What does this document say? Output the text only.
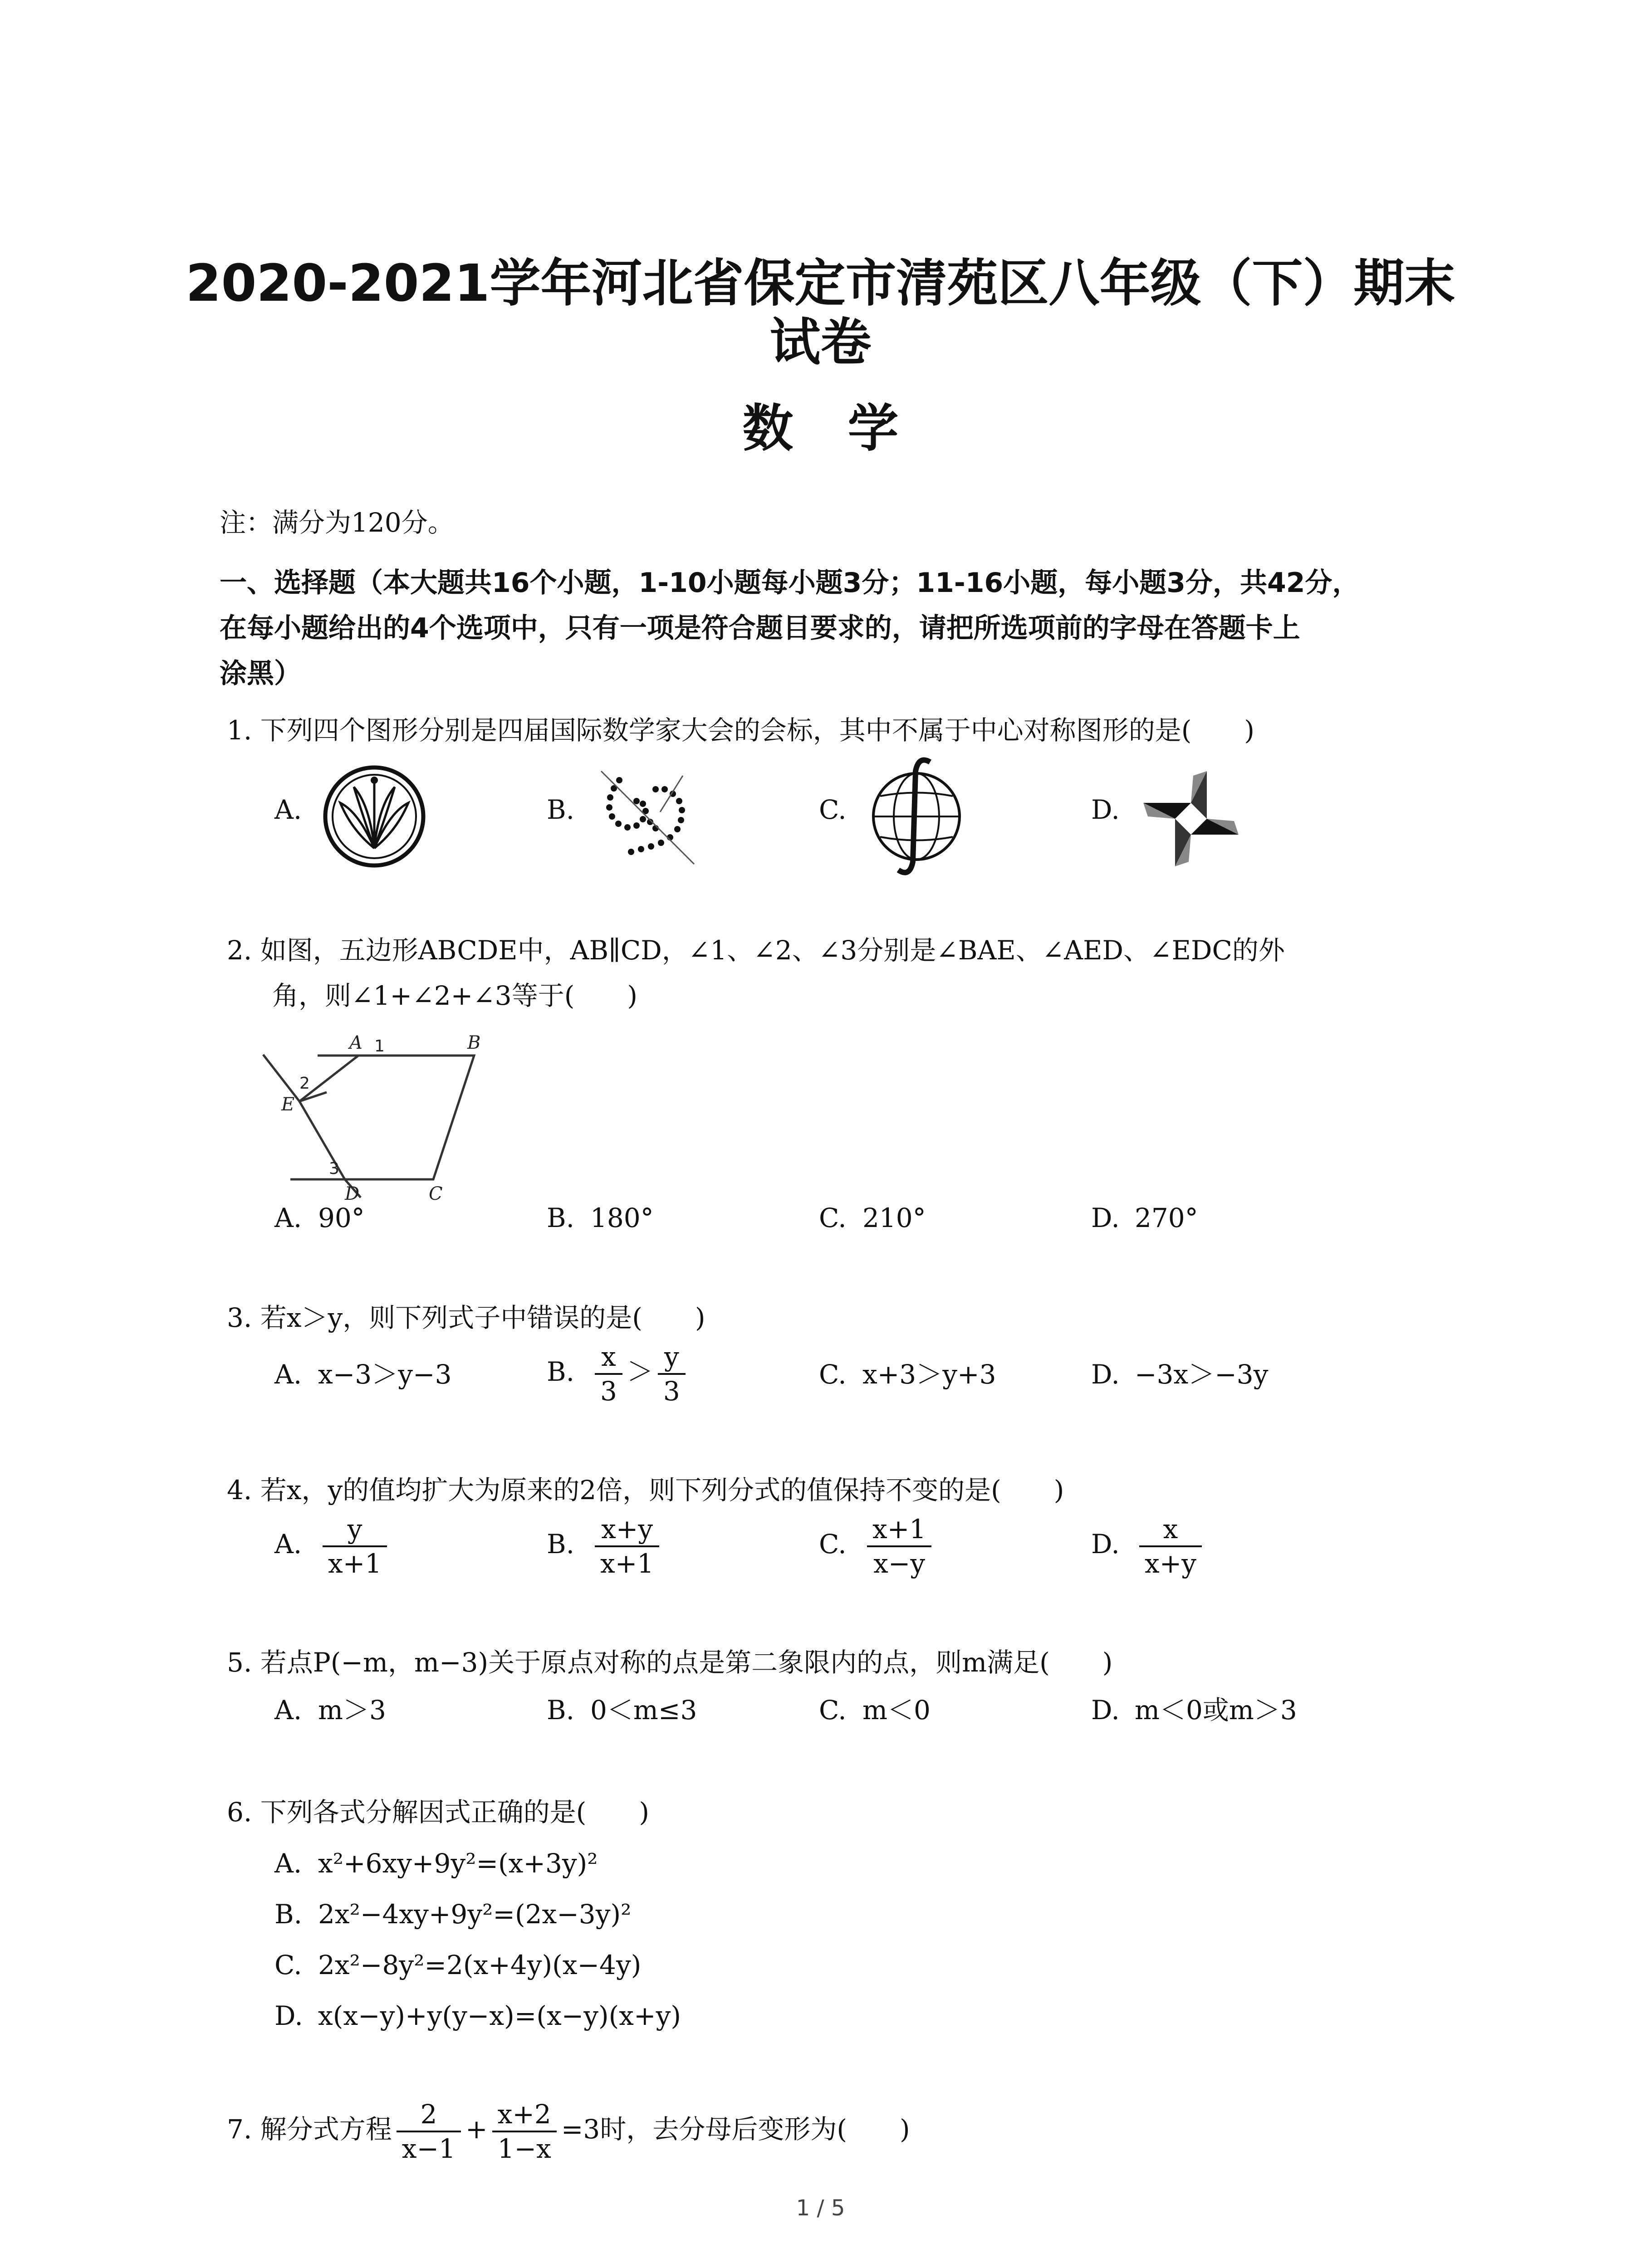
2020-2021学年河北省保定市清苑区八年级（下）期末
试卷
数学
注：满分为120分。
一、选择题（本大题共16个小题，1-10小题每小题3分；11-16小题，每小题3分，共42分，
在每小题给出的4个选项中，只有一项是符合题目要求的，请把所选项前的字母在答题卡上
涂黑）
1. 下列四个图形分别是四届国际数学家大会的会标，其中不属于中心对称图形的是(　　)
A.	B.	C.	D.
2. 如图，五边形ABCDE中，AB∥CD，∠1、∠2、∠3分别是∠BAE、∠AED、∠EDC的外
角，则∠1+∠2+∠3等于(　　)
A	B
C
D
E
1
2
3
A. 90°	B. 180°	C. 210°	D. 270°
3. 若x＞y，则下列式子中错误的是(　　)
A. x−3＞y−3	B. $\frac{x}{3} > \frac{y}{3}$	C. x+3＞y+3	D. −3x＞−3y
4. 若x，y的值均扩大为原来的2倍，则下列分式的值保持不变的是(　　)
A. $\frac{y}{x+1}$	B. $\frac{x+y}{x+1}$	C. $\frac{x+1}{x-y}$	D. $\frac{x}{x+y}$
5. 若点P(−m，m−3)关于原点对称的点是第二象限内的点，则m满足(　　)
A. m＞3	B. 0＜m≤3	C. m＜0	D. m＜0或m＞3
6. 下列各式分解因式正确的是(　　)
A. x²+6xy+9y²=(x+3y)²
B. 2x²−4xy+9y²=(2x−3y)²
C. 2x²−8y²=2(x+4y)(x−4y)
D. x(x−y)+y(y−x)=(x−y)(x+y)
7. 解分式方程 $\frac{2}{x-1} + \frac{x+2}{1-x} =3$时，去分母后变形为(　　)
1 / 5
